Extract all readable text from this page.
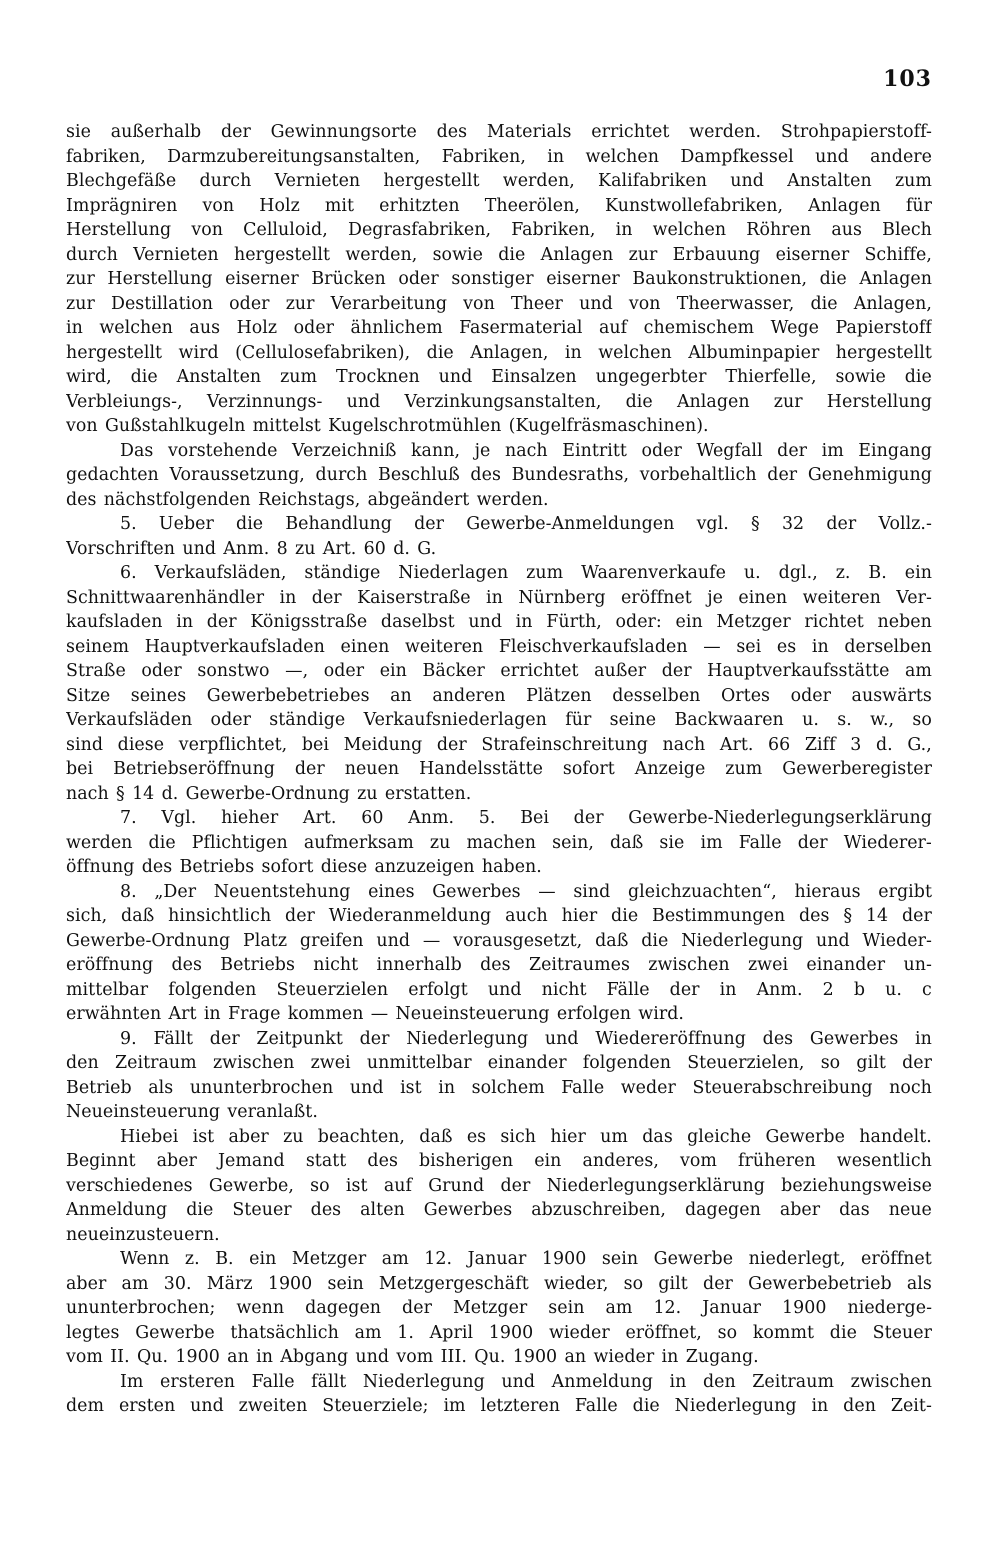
103
sie außerhalb der Gewinnungsorte des Materials errichtet werden. Strohpapierstoff-
fabriken, Darmzubereitungsanstalten, Fabriken, in welchen Dampfkessel und andere
Blechgefäße durch Vernieten hergestellt werden, Kalifabriken und Anstalten zum
Imprägniren von Holz mit erhitzten Theerölen, Kunstwollefabriken, Anlagen für
Herstellung von Celluloid, Degrasfabriken, Fabriken, in welchen Röhren aus Blech
durch Vernieten hergestellt werden, sowie die Anlagen zur Erbauung eiserner Schiffe,
zur Herstellung eiserner Brücken oder sonstiger eiserner Baukonstruktionen, die Anlagen
zur Destillation oder zur Verarbeitung von Theer und von Theerwasser, die Anlagen,
in welchen aus Holz oder ähnlichem Fasermaterial auf chemischem Wege Papierstoff
hergestellt wird (Cellulosefabriken), die Anlagen, in welchen Albuminpapier hergestellt
wird, die Anstalten zum Trocknen und Einsalzen ungegerbter Thierfelle, sowie die
Verbleiungs-, Verzinnungs- und Verzinkungsanstalten, die Anlagen zur Herstellung
von Gußstahlkugeln mittelst Kugelschrotmühlen (Kugelfräsmaschinen).
Das vorstehende Verzeichniß kann, je nach Eintritt oder Wegfall der im Eingang
gedachten Voraussetzung, durch Beschluß des Bundesraths, vorbehaltlich der Genehmigung
des nächstfolgenden Reichstags, abgeändert werden.
5. Ueber die Behandlung der Gewerbe-Anmeldungen vgl. § 32 der Vollz.-
Vorschriften und Anm. 8 zu Art. 60 d. G.
6. Verkaufsläden, ständige Niederlagen zum Waarenverkaufe u. dgl., z. B. ein
Schnittwaarenhändler in der Kaiserstraße in Nürnberg eröffnet je einen weiteren Ver-
kaufsladen in der Königsstraße daselbst und in Fürth, oder: ein Metzger richtet neben
seinem Hauptverkaufsladen einen weiteren Fleischverkaufsladen — sei es in derselben
Straße oder sonstwo —, oder ein Bäcker errichtet außer der Hauptverkaufsstätte am
Sitze seines Gewerbebetriebes an anderen Plätzen desselben Ortes oder auswärts
Verkaufsläden oder ständige Verkaufsniederlagen für seine Backwaaren u. s. w., so
sind diese verpflichtet, bei Meidung der Strafeinschreitung nach Art. 66 Ziff 3 d. G.,
bei Betriebseröffnung der neuen Handelsstätte sofort Anzeige zum Gewerberegister
nach § 14 d. Gewerbe-Ordnung zu erstatten.
7. Vgl. hieher Art. 60 Anm. 5. Bei der Gewerbe-Niederlegungserklärung
werden die Pflichtigen aufmerksam zu machen sein, daß sie im Falle der Wiederer-
öffnung des Betriebs sofort diese anzuzeigen haben.
8. „Der Neuentstehung eines Gewerbes — sind gleichzuachten“, hieraus ergibt
sich, daß hinsichtlich der Wiederanmeldung auch hier die Bestimmungen des § 14 der
Gewerbe-Ordnung Platz greifen und — vorausgesetzt, daß die Niederlegung und Wieder-
eröffnung des Betriebs nicht innerhalb des Zeitraumes zwischen zwei einander un-
mittelbar folgenden Steuerzielen erfolgt und nicht Fälle der in Anm. 2 b u. c
erwähnten Art in Frage kommen — Neueinsteuerung erfolgen wird.
9. Fällt der Zeitpunkt der Niederlegung und Wiedereröffnung des Gewerbes in
den Zeitraum zwischen zwei unmittelbar einander folgenden Steuerzielen, so gilt der
Betrieb als ununterbrochen und ist in solchem Falle weder Steuerabschreibung noch
Neueinsteuerung veranlaßt.
Hiebei ist aber zu beachten, daß es sich hier um das gleiche Gewerbe handelt.
Beginnt aber Jemand statt des bisherigen ein anderes, vom früheren wesentlich
verschiedenes Gewerbe, so ist auf Grund der Niederlegungserklärung beziehungsweise
Anmeldung die Steuer des alten Gewerbes abzuschreiben, dagegen aber das neue
neueinzusteuern.
Wenn z. B. ein Metzger am 12. Januar 1900 sein Gewerbe niederlegt, eröffnet
aber am 30. März 1900 sein Metzgergeschäft wieder, so gilt der Gewerbebetrieb als
ununterbrochen; wenn dagegen der Metzger sein am 12. Januar 1900 niederge-
legtes Gewerbe thatsächlich am 1. April 1900 wieder eröffnet, so kommt die Steuer
vom II. Qu. 1900 an in Abgang und vom III. Qu. 1900 an wieder in Zugang.
Im ersteren Falle fällt Niederlegung und Anmeldung in den Zeitraum zwischen
dem ersten und zweiten Steuerziele; im letzteren Falle die Niederlegung in den Zeit-
